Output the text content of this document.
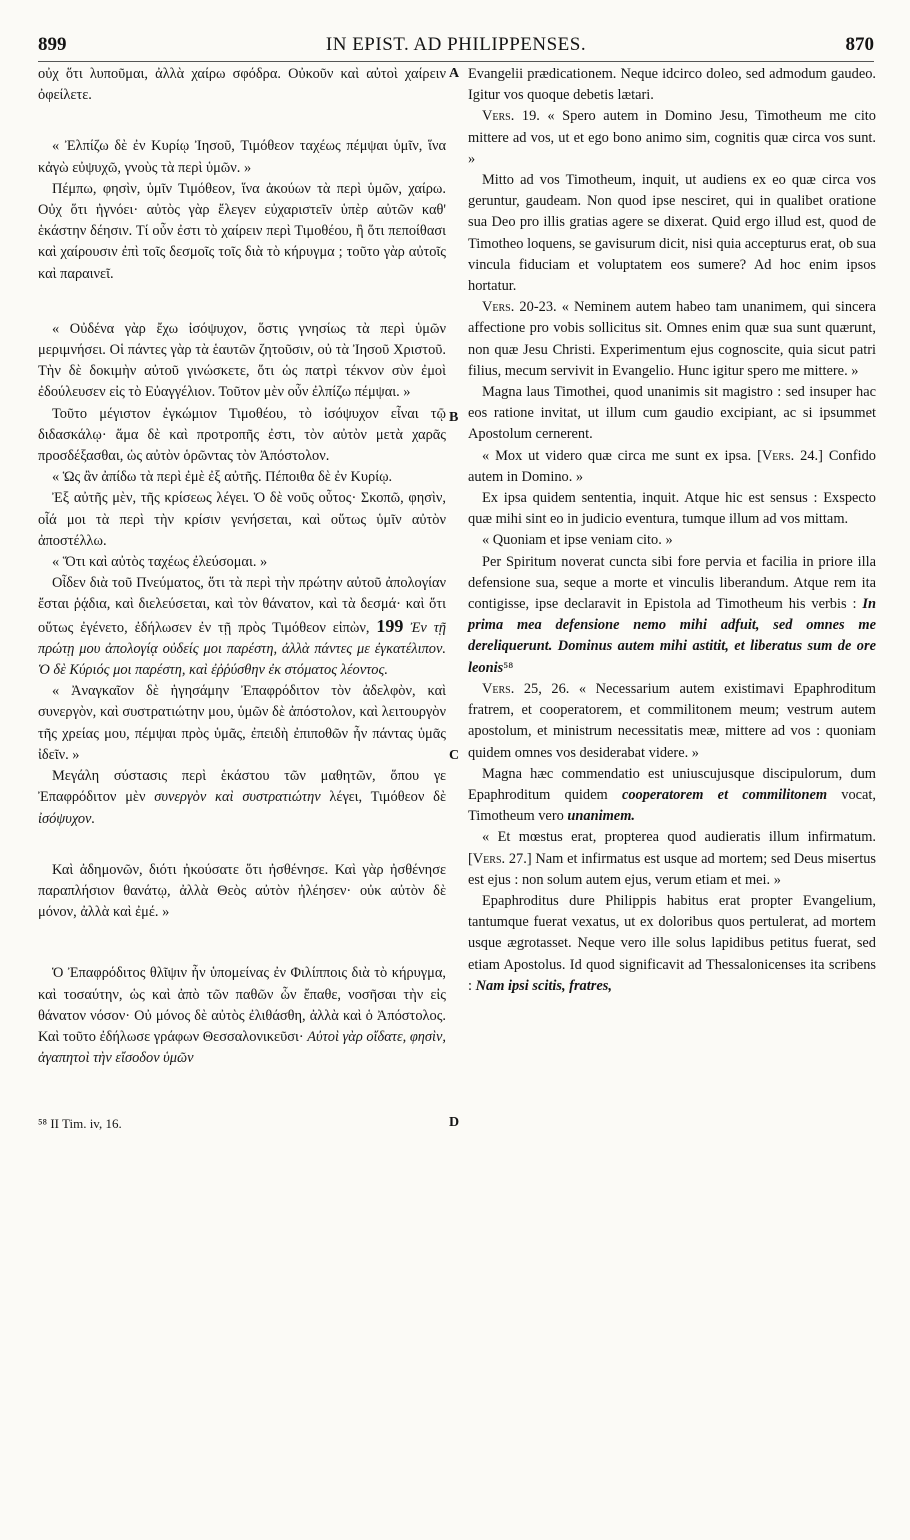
899	IN EPIST. AD PHILIPPENSES.	870
A
B
C
D

οὐχ ὅτι λυποῦμαι, ἀλλὰ χαίρω σφόδρα. Οὐκοῦν καὶ αὐτοὶ χαίρειν ὀφείλετε.

« Ἐλπίζω δὲ ἐν Κυρίῳ Ἰησοῦ, Τιμόθεον ταχέως πέμψαι ὑμῖν, ἵνα κἀγὼ εὐψυχῶ, γνοὺς τὰ περὶ ὑμῶν. »

Πέμπω, φησὶν, ὑμῖν Τιμόθεον, ἵνα ἀκούων τὰ περὶ ὑμῶν, χαίρω. Οὐχ ὅτι ἠγνόει· αὐτὸς γὰρ ἔλεγεν εὐχαριστεῖν ὑπὲρ αὐτῶν καθ' ἑκάστην δέησιν. Τί οὖν ἐστι τὸ χαίρειν περὶ Τιμοθέου, ἢ ὅτι πεποίθασι καὶ χαίρουσιν ἐπὶ τοῖς δεσμοῖς τοῖς διὰ τὸ κήρυγμα ; τοῦτο γὰρ αὐτοῖς καὶ παραινεῖ.

« Οὐδένα γὰρ ἔχω ἰσόψυχον, ὅστις γνησίως τὰ περὶ ὑμῶν μεριμνήσει. Οἱ πάντες γὰρ τὰ ἑαυτῶν ζητοῦσιν, οὐ τὰ Ἰησοῦ Χριστοῦ. Τὴν δὲ δοκιμὴν αὐτοῦ γινώσκετε, ὅτι ὡς πατρὶ τέκνον σὺν ἐμοὶ ἐδούλευσεν εἰς τὸ Εὐαγγέλιον. Τοῦτον μὲν οὖν ἐλπίζω πέμψαι. »

Τοῦτο μέγιστον ἐγκώμιον Τιμοθέου, τὸ ἰσόψυχον εἶναι τῷ διδασκάλῳ· ἅμα δὲ καὶ προτροπῆς ἐστι, τὸν αὐτὸν μετὰ χαρᾶς προσδέξασθαι, ὡς αὐτὸν ὁρῶντας τὸν Ἀπόστολον.

« Ὡς ἂν ἀπίδω τὰ περὶ ἐμὲ ἐξ αὐτῆς. Πέποιθα δὲ ἐν Κυρίῳ.

Ἐξ αὐτῆς μὲν, τῆς κρίσεως λέγει. Ὁ δὲ νοῦς οὗτος· Σκοπῶ, φησὶν, οἷά μοι τὰ περὶ τὴν κρίσιν γενήσεται, καὶ οὕτως ὑμῖν αὐτὸν ἀποστέλλω.

« Ὅτι καὶ αὐτὸς ταχέως ἐλεύσομαι. »

Οἶδεν διὰ τοῦ Πνεύματος, ὅτι τὰ περὶ τὴν πρώτην αὐτοῦ ἀπολογίαν ἔσται ῥᾴδια, καὶ διελεύσεται, καὶ τὸν θάνατον, καὶ τὰ δεσμά· καὶ ὅτι οὕτως ἐγένετο, ἐδήλωσεν ἐν τῇ πρὸς Τιμόθεον εἰπὼν, 199 Ἐν τῇ πρώτῃ μου ἀπολογίᾳ οὐδείς μοι παρέστη, ἀλλὰ πάντες με ἐγκατέλιπον. Ὁ δὲ Κύριός μοι παρέστη, καὶ ἐῤῥύσθην ἐκ στόματος λέοντος.

« Ἀναγκαῖον δὲ ἡγησάμην Ἐπαφρόδιτον τὸν ἀδελφὸν, καὶ συνεργὸν, καὶ συστρατιώτην μου, ὑμῶν δὲ ἀπόστολον, καὶ λειτουργὸν τῆς χρείας μου, πέμψαι πρὸς ὑμᾶς, ἐπειδὴ ἐπιποθῶν ἦν πάντας ὑμᾶς ἰδεῖν. »

Μεγάλη σύστασις περὶ ἑκάστου τῶν μαθητῶν, ὅπου γε Ἐπαφρόδιτον μὲν συνεργὸν καὶ συστρατιώτην λέγει, Τιμόθεον δὲ ἰσόψυχον.

Καὶ ἀδημονῶν, διότι ἠκούσατε ὅτι ἠσθένησε. Καὶ γὰρ ἠσθένησε παραπλήσιον θανάτῳ, ἀλλὰ Θεὸς αὐτὸν ἠλέησεν· οὐκ αὐτὸν δὲ μόνον, ἀλλὰ καὶ ἐμέ. »

Ὁ Ἐπαφρόδιτος θλῖψιν ἦν ὑπομείνας ἐν Φιλίπποις διὰ τὸ κήρυγμα, καὶ τοσαύτην, ὡς καὶ ἀπὸ τῶν παθῶν ὧν ἔπαθε, νοσῆσαι τὴν εἰς θάνατον νόσον· Οὐ μόνος δὲ αὐτὸς ἐλιθάσθη, ἀλλὰ καὶ ὁ Ἀπόστολος. Καὶ τοῦτο ἐδήλωσε γράφων Θεσσαλονικεῦσι· Αὐτοὶ γὰρ οἴδατε, φησὶν, ἀγαπητοὶ τὴν εἴσοδον ὑμῶν

⁵⁸ II Tim. iv, 16.

Evangelii prædicationem. Neque idcirco doleo, sed admodum gaudeo. Igitur vos quoque debetis lætari.

Vers. 19. « Spero autem in Domino Jesu, Timotheum me cito mittere ad vos, ut et ego bono animo sim, cognitis quæ circa vos sunt. »

Mitto ad vos Timotheum, inquit, ut audiens ex eo quæ circa vos geruntur, gaudeam. Non quod ipse nesciret, qui in qualibet oratione sua Deo pro illis gratias agere se dixerat. Quid ergo illud est, quod de Timotheo loquens, se gavisurum dicit, nisi quia accepturus erat, ob sua vincula fiduciam et voluptatem eos sumere? Ad hoc enim ipsos hortatur.

Vers. 20-23. « Neminem autem habeo tam unanimem, qui sincera affectione pro vobis sollicitus sit. Omnes enim quæ sua sunt quærunt, non quæ Jesu Christi. Experimentum ejus cognoscite, quia sicut patri filius, mecum servivit in Evangelio. Hunc igitur spero me mittere. »

Magna laus Timothei, quod unanimis sit magistro : sed insuper hac eos ratione invitat, ut illum cum gaudio excipiant, ac si ipsummet Apostolum cernerent.

« Mox ut videro quæ circa me sunt ex ipsa. [Vers. 24.] Confido autem in Domino. »

Ex ipsa quidem sententia, inquit. Atque hic est sensus : Exspecto quæ mihi sint eo in judicio eventura, tumque illum ad vos mittam.

« Quoniam et ipse veniam cito. »

Per Spiritum noverat cuncta sibi fore pervia et facilia in priore illa defensione sua, seque a morte et vinculis liberandum. Atque rem ita contigisse, ipse declaravit in Epistola ad Timotheum his verbis : In prima mea defensione nemo mihi adfuit, sed omnes me dereliquerunt. Dominus autem mihi astitit, et liberatus sum de ore leonis⁵⁸

Vers. 25, 26. « Necessarium autem existimavi Epaphroditum fratrem, et cooperatorem, et commilitonem meum; vestrum autem apostolum, et ministrum necessitatis meæ, mittere ad vos : quoniam quidem omnes vos desiderabat videre. »

Magna hæc commendatio est uniuscujusque discipulorum, dum Epaphroditum quidem cooperatorem et commilitonem vocat, Timotheum vero unanimem.

« Et mœstus erat, propterea quod audieratis illum infirmatum. [Vers. 27.] Nam et infirmatus est usque ad mortem; sed Deus misertus est ejus : non solum autem ejus, verum etiam et mei. »

Epaphroditus dure Philippis habitus erat propter Evangelium, tantumque fuerat vexatus, ut ex doloribus quos pertulerat, ad mortem usque ægrotasset. Neque vero ille solus lapidibus petitus fuerat, sed etiam Apostolus. Id quod significavit ad Thessalonicenses ita scribens : Nam ipsi scitis, fratres,
